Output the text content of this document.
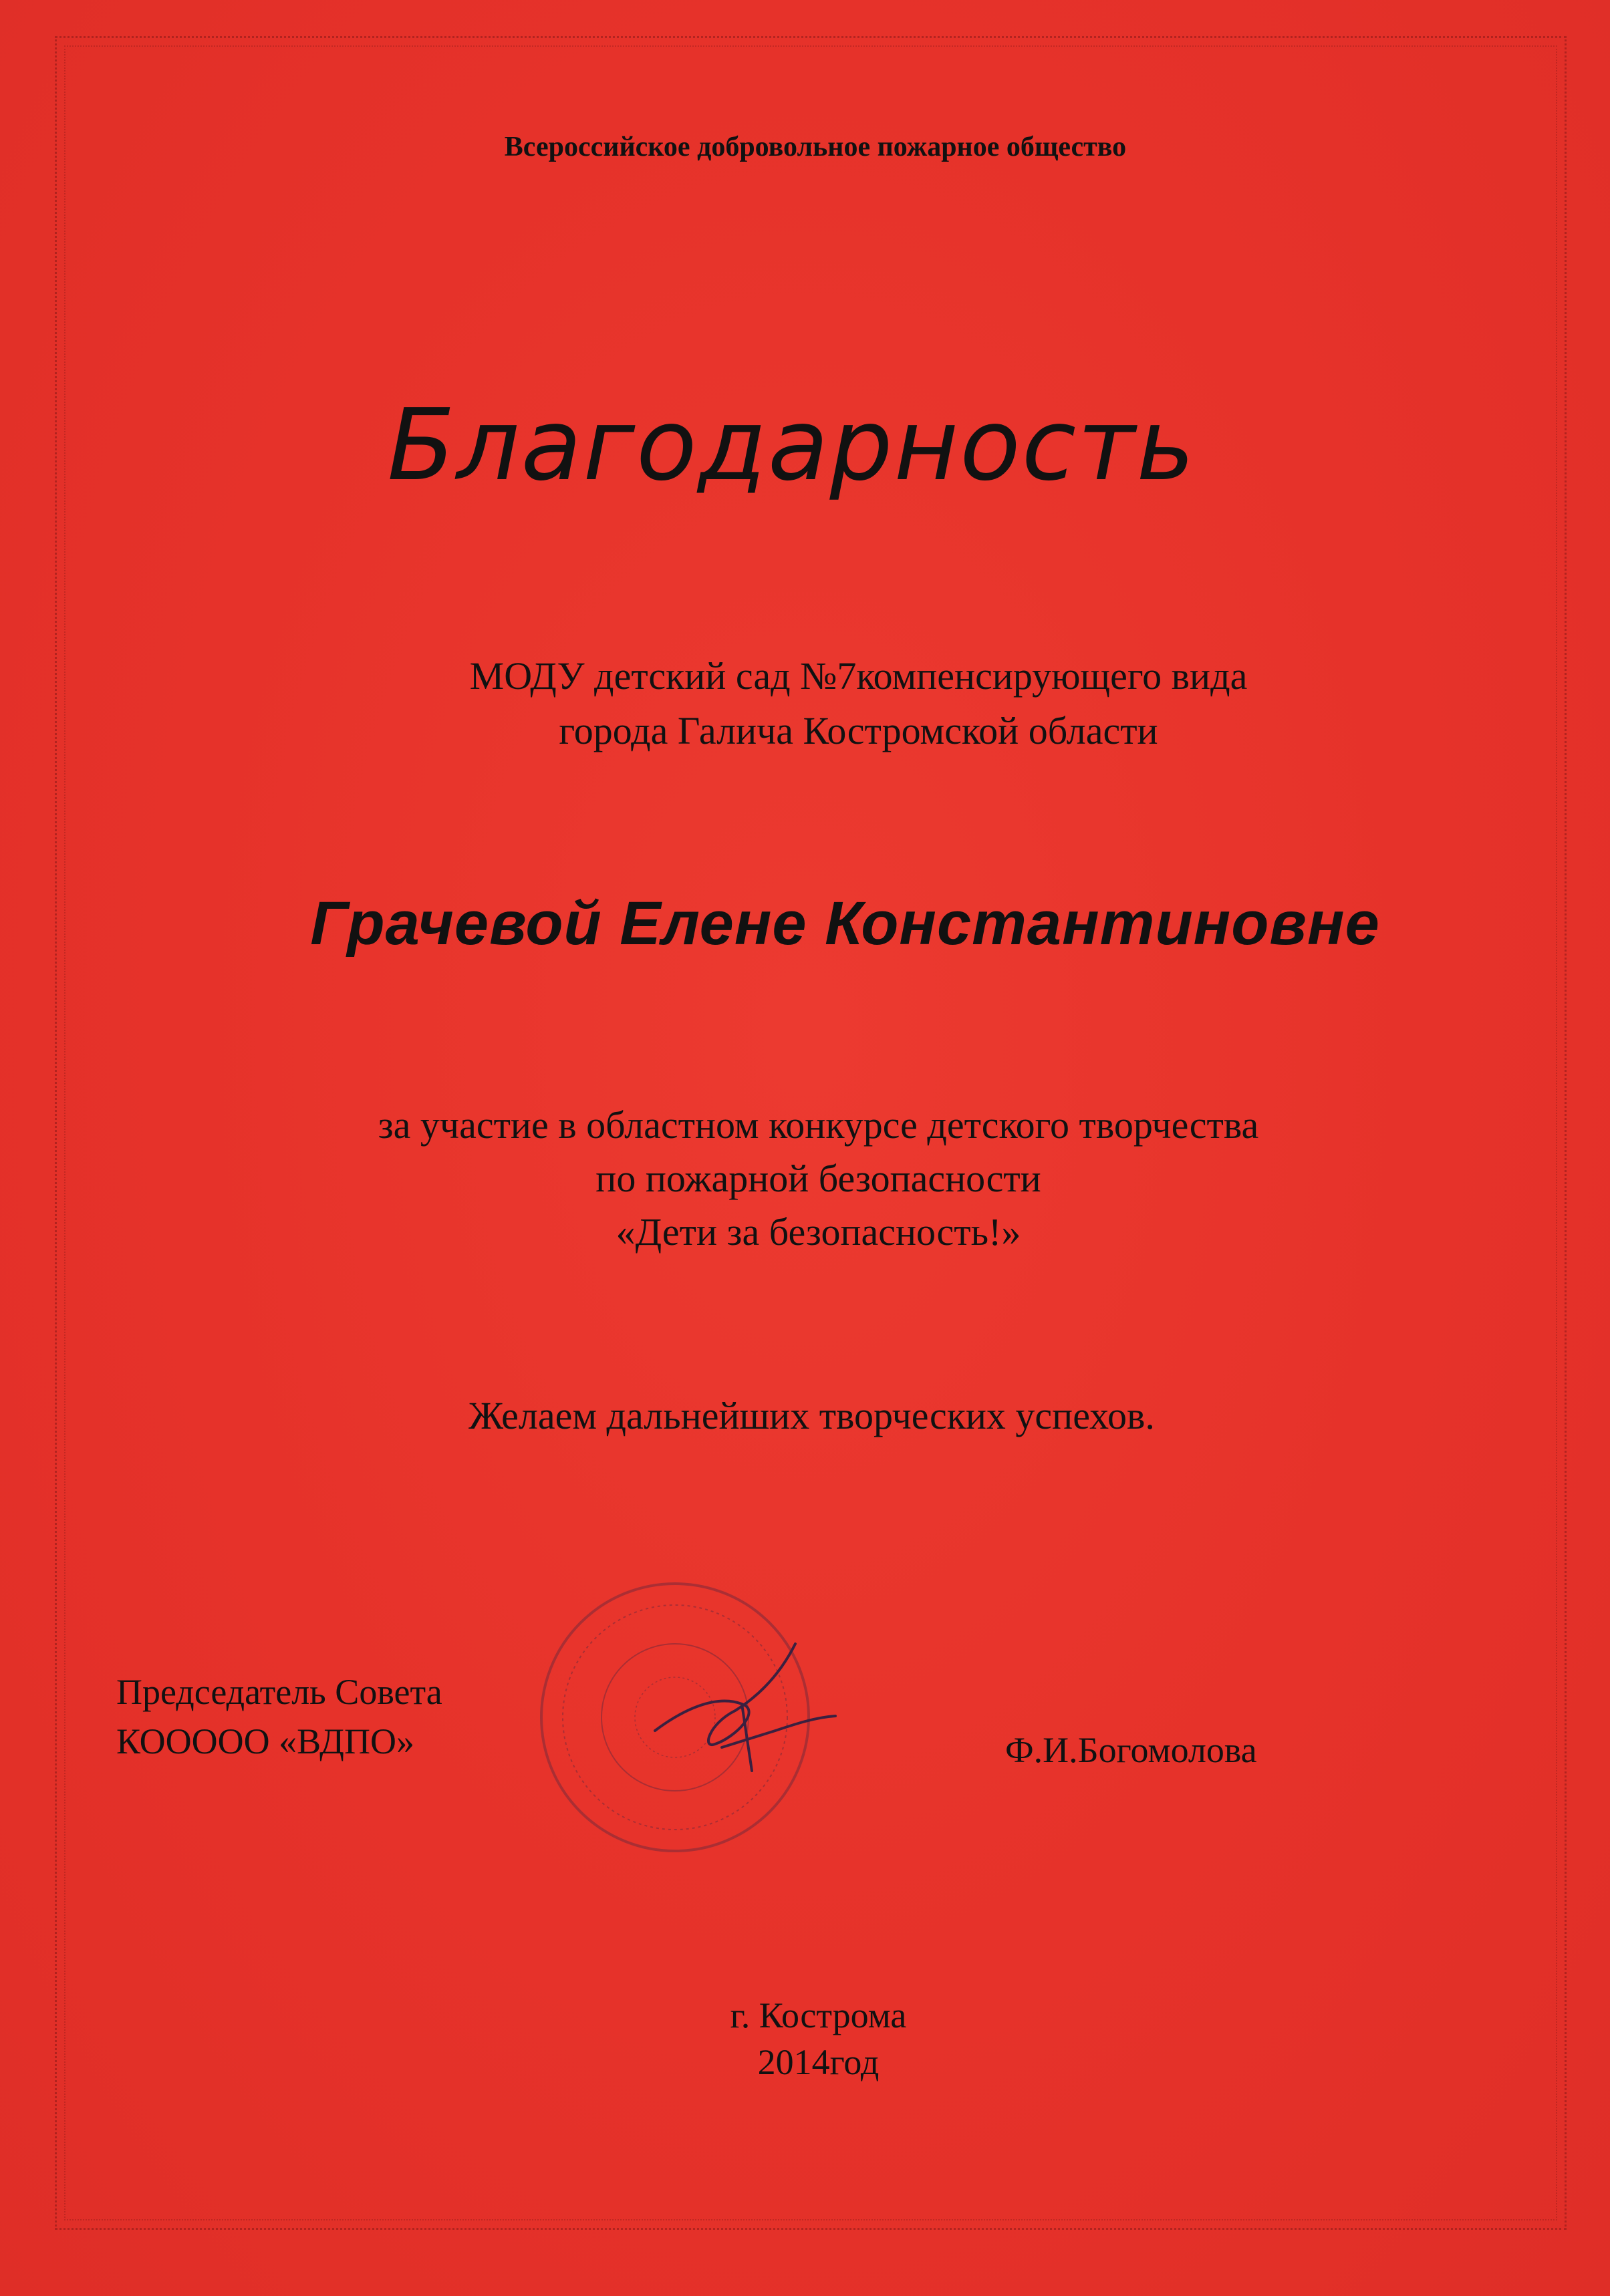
Всероссийское добровольное пожарное общество
Благодарность
МОДУ детский сад №7компенсирующего вида
города Галича Костромской области
Грачевой Елене Константиновне
за участие в областном конкурсе детского творчества
по пожарной безопасности
«Дети за безопасность!»
Желаем дальнейших творческих успехов.
Председатель Совета
КООООО «ВДПО»	Ф.И.Богомолова
г. Кострома
2014год
